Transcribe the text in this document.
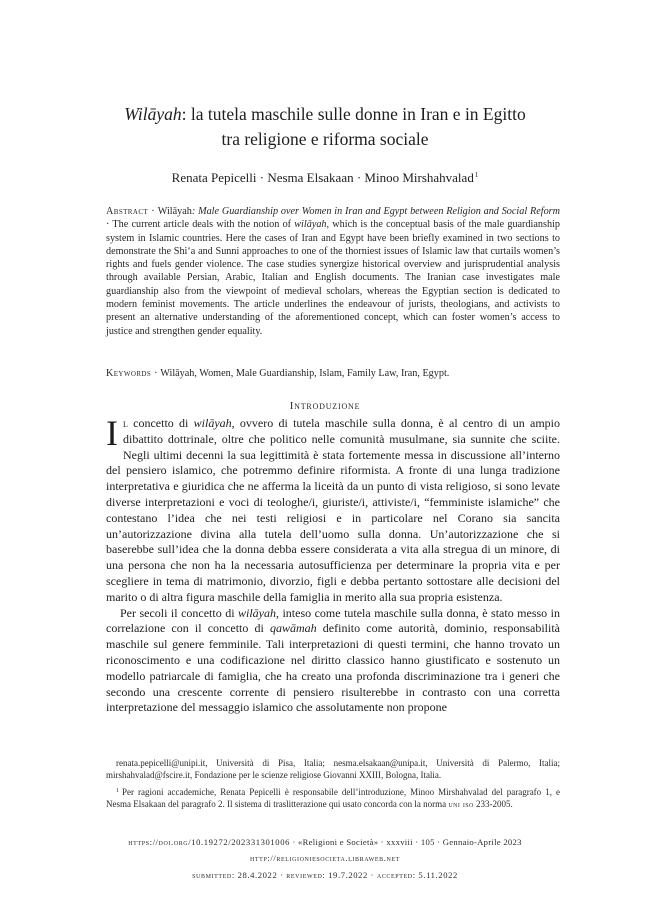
Wilāyah: la tutela maschile sulle donne in Iran e in Egitto
tra religione e riforma sociale
Renata Pepicelli · Nesma Elsakaan · Minoo Mirshahvalad$^1$
Abstract · Wilāyah: Male Guardianship over Women in Iran and Egypt between Religion and Social Reform · The current article deals with the notion of wilāyah, which is the conceptual basis of the male guardianship system in Islamic countries. Here the cases of Iran and Egypt have been briefly examined in two sections to demonstrate the Shi‘a and Sunni approaches to one of the thorniest issues of Islamic law that curtails women’s rights and fuels gender violence. The case studies synergize historical overview and jurisprudential analysis through available Persian, Arabic, Italian and English documents. The Iranian case investigates male guardianship also from the viewpoint of medieval scholars, whereas the Egyptian section is dedicated to modern feminist movements. The article underlines the endeavour of jurists, theologians, and activists to present an alternative understanding of the aforementioned concept, which can foster women’s access to justice and strengthen gender equality.
Keywords · Wilāyah, Women, Male Guardianship, Islam, Family Law, Iran, Egypt.
Introduzione

Il concetto di wilāyah, ovvero di tutela maschile sulla donna, è al centro di un ampio dibattito dottrinale, oltre che politico nelle comunità musulmane, sia sunnite che sciite. Negli ultimi decenni la sua legittimità è stata fortemente messa in discussione all’interno del pensiero islamico, che potremmo definire riformista. A fronte di una lunga tradizione interpretativa e giuridica che ne afferma la liceità da un punto di vista religioso, si sono levate diverse interpretazioni e voci di teologhe/i, giuriste/i, attiviste/i, “femministe islamiche” che contestano l’idea che nei testi religiosi e in particolare nel Corano sia sancita un’autorizzazione divina alla tutela dell’uomo sulla donna. Un’autorizzazione che si baserebbe sull’idea che la donna debba essere considerata a vita alla stregua di un minore, di una persona che non ha la necessaria autosufficienza per determinare la propria vita e per scegliere in tema di matrimonio, divorzio, figli e debba pertanto sottostare alle decisioni del marito o di altra figura maschile della famiglia in merito alla sua propria esistenza.

Per secoli il concetto di wilāyah, inteso come tutela maschile sulla donna, è stato messo in correlazione con il concetto di qawāmah definito come autorità, dominio, responsabilità maschile sul genere femminile. Tali interpretazioni di questi termini, che hanno trovato un riconoscimento e una codificazione nel diritto classico hanno giustificato e sostenuto un modello patriarcale di famiglia, che ha creato una profonda discriminazione tra i generi che secondo una crescente corrente di pensiero risulterebbe in contrasto con una corretta interpretazione del messaggio islamico che assolutamente non propone

renata.pepicelli@unipi.it, Università di Pisa, Italia; nesma.elsakaan@unipa.it, Università di Palermo, Italia; mirshahvalad@fscire.it, Fondazione per le scienze religiose Giovanni XXIII, Bologna, Italia.

$^1$ Per ragioni accademiche, Renata Pepicelli è responsabile dell’introduzione, Minoo Mirshahvalad del paragrafo 1, e Nesma Elsakaan del paragrafo 2. Il sistema di traslitterazione qui usato concorda con la norma uni iso 233-2005.

https://doi.org/10.19272/202331301006 · «Religioni e Società» · xxxviii · 105 · Gennaio-Aprile 2023
http://religioniesocieta.libraweb.net
submitted: 28.4.2022 · reviewed: 19.7.2022 · accepted: 5.11.2022
